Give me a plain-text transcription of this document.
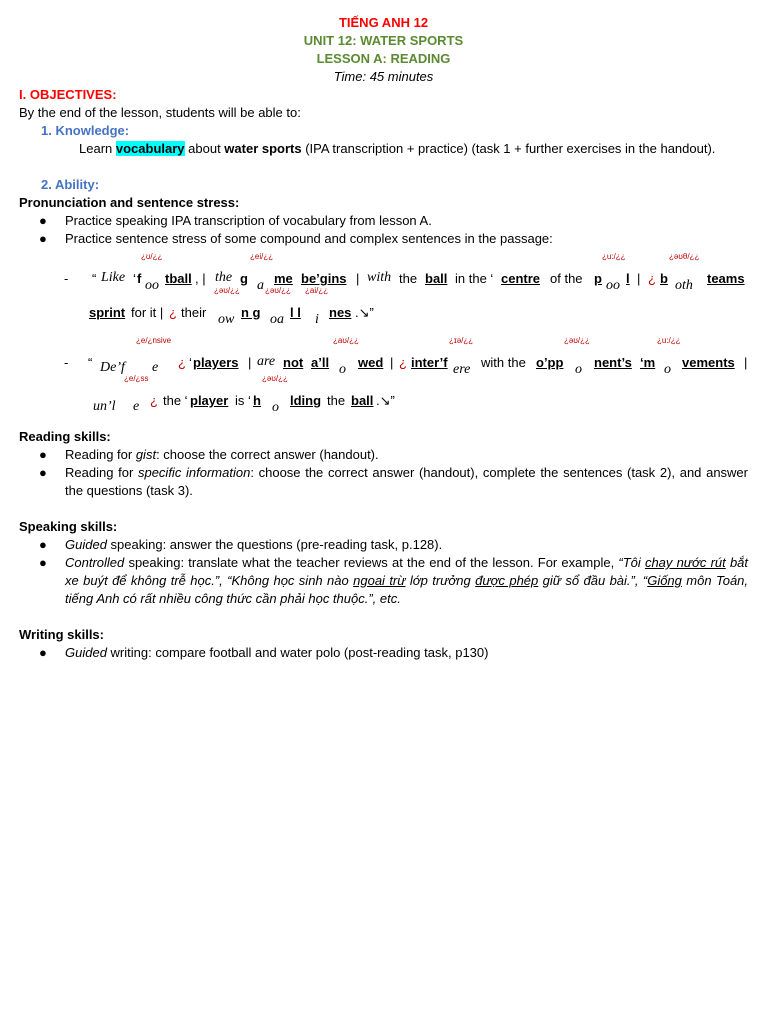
TIẾNG ANH 12
UNIT 12: WATER SPORTS
LESSON A: READING
Time: 45 minutes
I. OBJECTIVES:
By the end of the lesson, students will be able to:
1. Knowledge:
Learn vocabulary about water sports (IPA transcription + practice) (task 1 + further exercises in the handout).
2. Ability:
Pronunciation and sentence stress:
● Practice speaking IPA transcription of vocabulary from lesson A.
● Practice sentence stress of some compound and complex sentences in the passage:
- “ Like ‘ f
¿ʊ/¿¿
oo tball , | the g
¿ei/¿¿
a me be’gins | with the ball in the ‘ centre of the p
¿u:/¿¿
oo l | ¿ b
¿əʊθ/¿¿
oth teams
sprint for it | ¿ their
¿əʊ/¿¿
ow n g
¿əʊ/¿¿
oa l l
¿ai/¿¿
i nes .↘”
- “
¿e/¿nsive
De’f e ¿ ‘ players | are not a’ll
¿aʊ/¿¿
o wed | ¿ inter’f
¿ɪə/¿¿
ere with the o’pp
¿əʊ/¿¿
o nent’s ‘m
¿u:/¿¿
o vements |
¿e/¿ss
un’l e ¿ the ‘ player is ‘ h
¿əʊ/¿¿
o lding the ball .↘”
Reading skills:
● Reading for gist: choose the correct answer (handout).
● Reading for specific information: choose the correct answer (handout), complete the sentences (task 2), and answer the questions (task 3).
Speaking skills:
● Guided speaking: answer the questions (pre-reading task, p.128).
● Controlled speaking: translate what the teacher reviews at the end of the lesson. For example, “Tôi chay nước rút bắt xe buýt để không trễ học.”, “Không học sinh nào ngoai trừ lớp trưởng được phép giữ sổ đầu bài.”, “Giống môn Toán, tiếng Anh có rất nhiều công thức cần phải học thuộc.”, etc.
Writing skills:
● Guided writing: compare football and water polo (post-reading task, p130)
